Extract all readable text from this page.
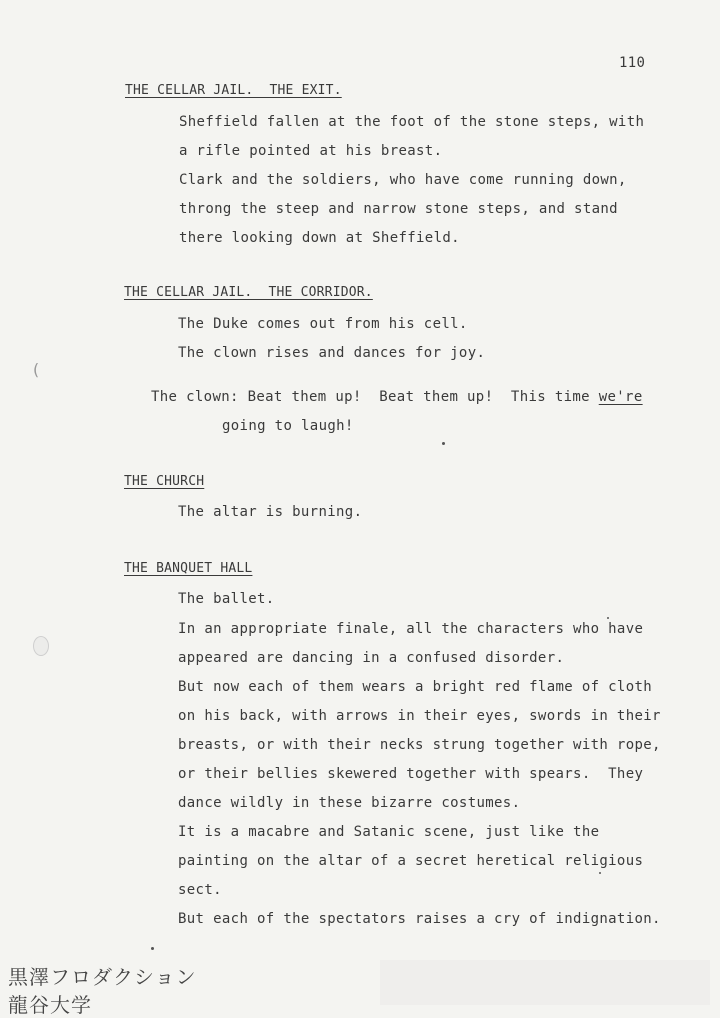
110
THE CELLAR JAIL.  THE EXIT.
Sheffield fallen at the foot of the stone steps, with
a rifle pointed at his breast.
Clark and the soldiers, who have come running down,
throng the steep and narrow stone steps, and stand
there looking down at Sheffield.
THE CELLAR JAIL.  THE CORRIDOR.
The Duke comes out from his cell.
The clown rises and dances for joy.
The clown: Beat them up!  Beat them up!  This time we're
going to laugh!
THE CHURCH
The altar is burning.
THE BANQUET HALL
The ballet.
In an appropriate finale, all the characters who have
appeared are dancing in a confused disorder.
But now each of them wears a bright red flame of cloth
on his back, with arrows in their eyes, swords in their
breasts, or with their necks strung together with rope,
or their bellies skewered together with spears.  They
dance wildly in these bizarre costumes.
It is a macabre and Satanic scene, just like the
painting on the altar of a secret heretical religious
sect.
But each of the spectators raises a cry of indignation.
(
黒澤フロダクション
龍谷大学
